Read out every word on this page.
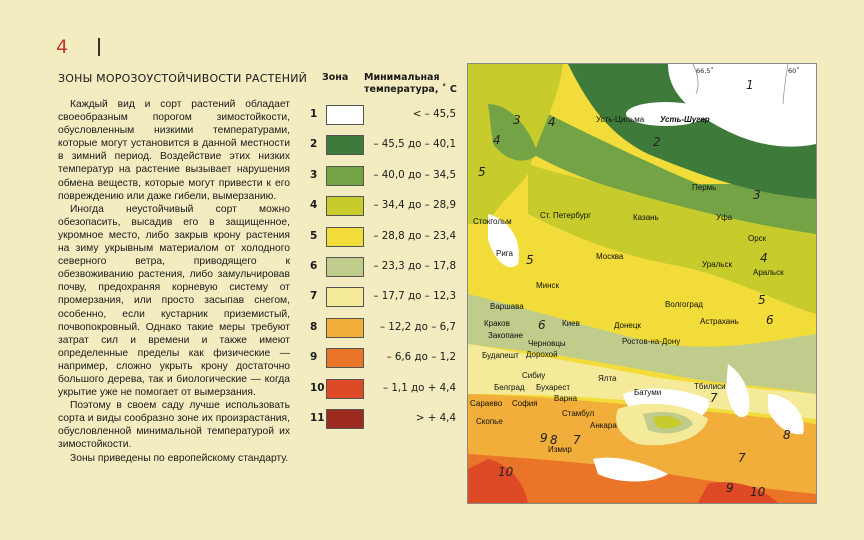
4
ЗОНЫ МОРОЗОУСТОЙЧИВОСТИ РАСТЕНИЙ

Каждый вид и сорт растений обладает своеобразным порогом зимостойкости, обусловленным низкими температурами, которые могут установится в данной местности в зимний период. Воздействие этих низких температур на растение вызывает нарушения обмена веществ, которые могут привести к его повреждению или даже гибели, вымерзанию.

Иногда неустойчивый сорт можно обезопасить, высадив его в защищенное, укромное место, либо закрыв крону растения на зиму укрывным материалом от холодного северного ветра, приводящего к обезвоживанию растения, либо замульчировав почву, предохраняя корневую систему от промерзания, или просто засыпав снегом, особенно, если кустарник приземистый, почвопокровный. Однако такие меры требуют затрат сил и времени и также имеют определенные пределы как физические — например, сложно укрыть крону достаточно большого дерева, так и биологические — когда укрытие уже не помогает от вымерзания.

Поэтому в своем саду лучше использовать сорта и виды сообразно зоне их произрастания, обусловленной минимальной температурой их зимостойкости.

Зоны приведены по европейскому стандарту.

Зона Минимальная температура, ˚ С
1	< – 45,5
2	– 45,5 до – 40,1
3	– 40,0 до – 34,5
4	– 34,4 до – 28,9
5	– 28,8 до – 23,4
6	– 23,3 до – 17,8
7	– 17,7 до – 12,3
8	– 12,2 до – 6,7
9	– 6,6 до – 1,2
10	– 1,1 до + 4,4
11	> + 4,4
66,5˚	60˚
1
2
3
3
4
4
4
5
5
5
6	6
7
7
7
8
8
9
9
10
10
Усть-Цильма Усть-Шугер
Пермь
Казань	Уфа
Стокгольм
Ст. Петербург
Рига	Москва
Орск
Уральск
Аральск
Минск
Варшава	Волгоград
Астрахань
Краков	Киев	Донецк
Закопане
Черновцы	Ростов-на-Дону
Будапешт Дорохой
Сибиу	Ялта
Тбилиси
Белград Бухарест
Батуми
Сараево София
Варна
Скопье
Стамбул
Анкара
Измир
